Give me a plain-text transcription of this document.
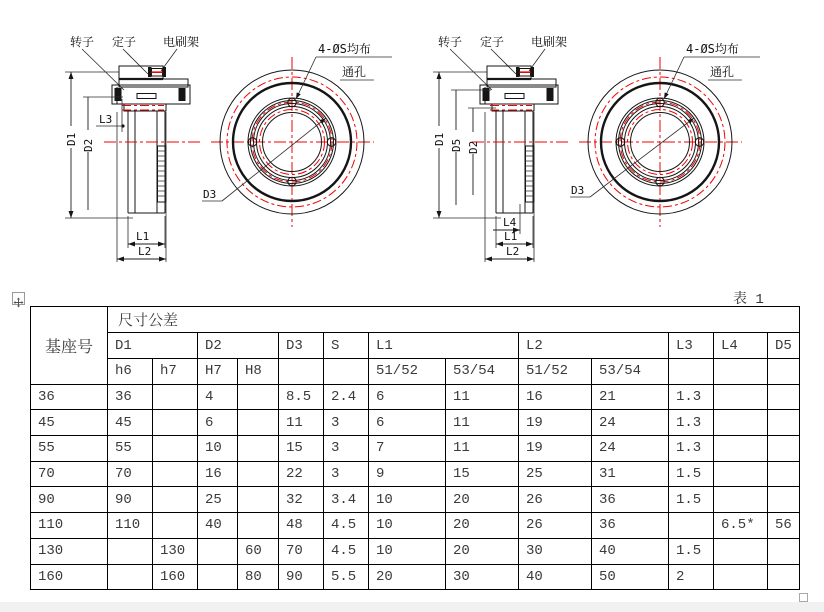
转子 定子 电刷架
D1 D2
L3
L1
L2
4-ØS均布
通孔
D3
转子 定子 电刷架
D1 D5 D2
L4
L1
L2
4-ØS均布
通孔
D3
表 1
基座号	尺寸公差												
	D1		D2		D3	S	L1		L2		L3	L4	D5
	h6	h7	H7	H8			51/52	53/54	51/52	53/54			
36	36		4		8.5	2.4	6	11	16	21	1.3		
45	45		6		11	3	6	11	19	24	1.3		
55	55		10		15	3	7	11	19	24	1.3		
70	70		16		22	3	9	15	25	31	1.5		
90	90		25		32	3.4	10	20	26	36	1.5		
110	110		40		48	4.5	10	20	26	36		6.5*	56
130		130		60	70	4.5	10	20	30	40	1.5		
160		160		80	90	5.5	20	30	40	50	2		
